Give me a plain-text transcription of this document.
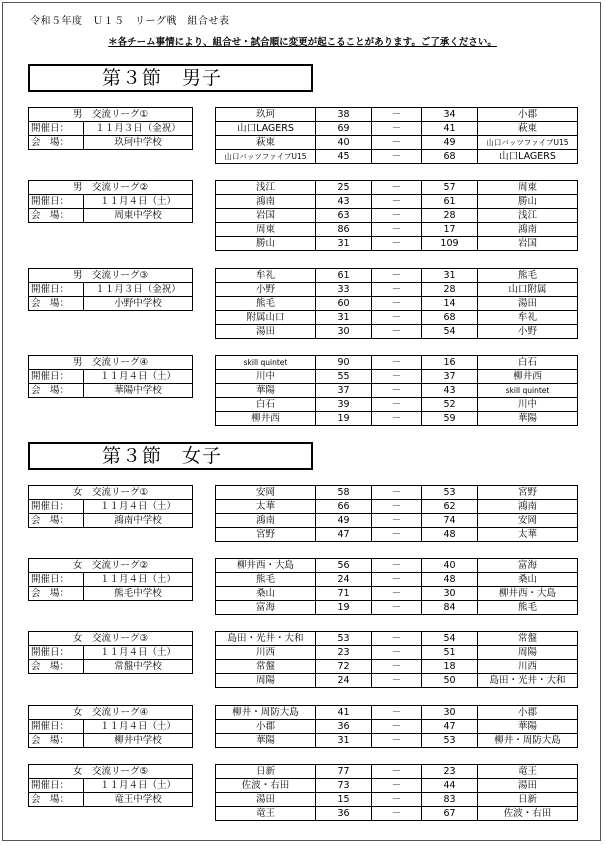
令和５年度　Ｕ１５　リーグ戦　組合せ表
＊各チーム事情により、組合せ・試合順に変更が起こることがあります。ご了承ください。
第３節　男子
男　交流リーグ①	
開催日：	１１月３日（金祝）
会　場：	玖珂中学校
玖珂	38	－	34	小郡
山口LAGERS	69	－	41	萩東
萩東	40	－	49	山口バッツファイブU15
山口バッツファイブU15	45	－	68	山口LAGERS
男　交流リーグ②	
開催日：	１１月４日（土）
会　場：	周東中学校
浅江	25	－	57	周東
鴻南	43	－	61	勝山
岩国	63	－	28	浅江
周東	86	－	17	鴻南
勝山	31	－	109	岩国
男　交流リーグ③	
開催日：	１１月３日（金祝）
会　場：	小野中学校
牟礼	61	－	31	熊毛
小野	33	－	28	山口附属
熊毛	60	－	14	湯田
附属山口	31	－	68	牟礼
湯田	30	－	54	小野
男　交流リーグ④	
開催日：	１１月４日（土）
会　場：	華陽中学校
skill quintet	90	－	16	白石
川中	55	－	37	柳井西
華陽	37	－	43	skill quintet
白石	39	－	52	川中
柳井西	19	－	59	華陽
第３節　女子
女　交流リーグ①	
開催日：	１１月４日（土）
会　場：	鴻南中学校
安岡	58	－	53	宮野
太華	66	－	62	鴻南
鴻南	49	－	74	安岡
宮野	47	－	48	太華
女　交流リーグ②	
開催日：	１１月４日（土）
会　場：	熊毛中学校
柳井西・大島	56	－	40	富海
熊毛	24	－	48	桑山
桑山	71	－	30	柳井西・大島
富海	19	－	84	熊毛
女　交流リーグ③	
開催日：	１１月４日（土）
会　場：	常盤中学校
島田・光井・大和	53	－	54	常盤
川西	23	－	51	周陽
常盤	72	－	18	川西
周陽	24	－	50	島田・光井・大和
女　交流リーグ④	
開催日：	１１月４日（土）
会　場：	柳井中学校
柳井・周防大島	41	－	30	小郡
小郡	36	－	47	華陽
華陽	31	－	53	柳井・周防大島
女　交流リーグ⑤	
開催日：	１１月４日（土）
会　場：	竜王中学校
日新	77	－	23	竜王
佐波・右田	73	－	44	湯田
湯田	15	－	83	日新
竜王	36	－	67	佐波・右田
